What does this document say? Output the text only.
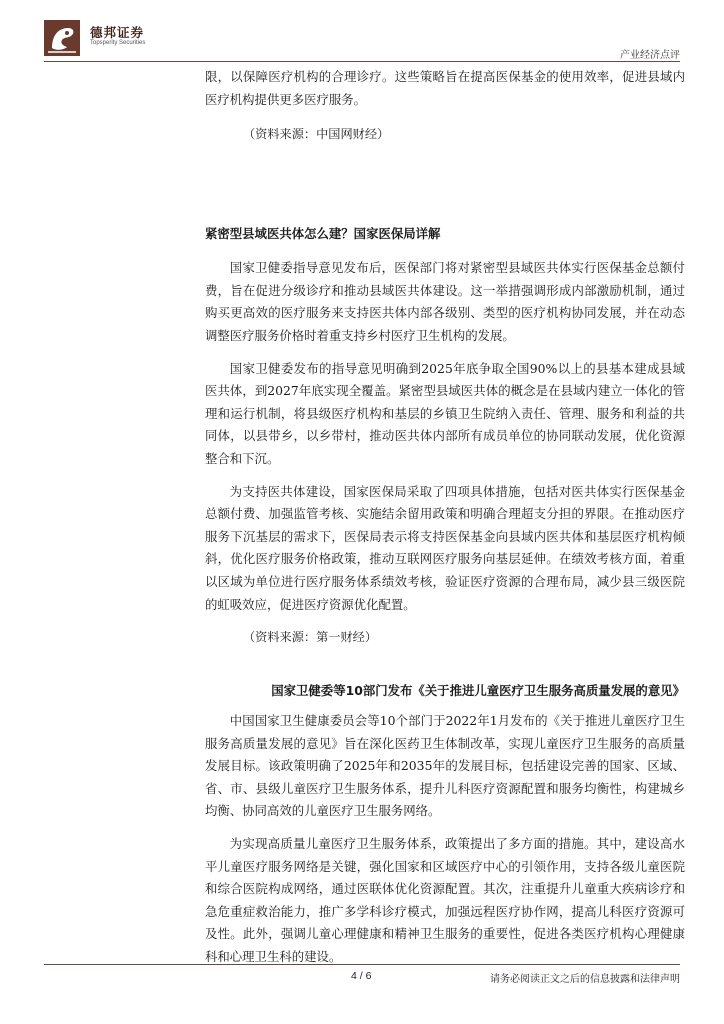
德邦证券
Topsperity Securities
产业经济点评

限，以保障医疗机构的合理诊疗。这些策略旨在提高医保基金的使用效率，促进县域内医疗机构提供更多医疗服务。

（资料来源：中国网财经）
紧密型县域医共体怎么建？国家医保局详解

国家卫健委指导意见发布后，医保部门将对紧密型县域医共体实行医保基金总额付费，旨在促进分级诊疗和推动县域医共体建设。这一举措强调形成内部激励机制，通过购买更高效的医疗服务来支持医共体内部各级别、类型的医疗机构协同发展，并在动态调整医疗服务价格时着重支持乡村医疗卫生机构的发展。

国家卫健委发布的指导意见明确到2025年底争取全国90%以上的县基本建成县域医共体，到2027年底实现全覆盖。紧密型县域医共体的概念是在县域内建立一体化的管理和运行机制，将县级医疗机构和基层的乡镇卫生院纳入责任、管理、服务和利益的共同体，以县带乡，以乡带村，推动医共体内部所有成员单位的协同联动发展，优化资源整合和下沉。

为支持医共体建设，国家医保局采取了四项具体措施，包括对医共体实行医保基金总额付费、加强监管考核、实施结余留用政策和明确合理超支分担的界限。在推动医疗服务下沉基层的需求下，医保局表示将支持医保基金向县域内医共体和基层医疗机构倾斜，优化医疗服务价格政策，推动互联网医疗服务向基层延伸。在绩效考核方面，着重以区域为单位进行医疗服务体系绩效考核，验证医疗资源的合理布局，减少县三级医院的虹吸效应，促进医疗资源优化配置。

（资料来源：第一财经）
国家卫健委等10部门发布《关于推进儿童医疗卫生服务高质量发展的意见》

中国国家卫生健康委员会等10个部门于2022年1月发布的《关于推进儿童医疗卫生服务高质量发展的意见》旨在深化医药卫生体制改革，实现儿童医疗卫生服务的高质量发展目标。该政策明确了2025年和2035年的发展目标，包括建设完善的国家、区域、省、市、县级儿童医疗卫生服务体系，提升儿科医疗资源配置和服务均衡性，构建城乡均衡、协同高效的儿童医疗卫生服务网络。

为实现高质量儿童医疗卫生服务体系，政策提出了多方面的措施。其中，建设高水平儿童医疗服务网络是关键，强化国家和区域医疗中心的引领作用，支持各级儿童医院和综合医院构成网络，通过医联体优化资源配置。其次，注重提升儿童重大疾病诊疗和急危重症救治能力，推广多学科诊疗模式，加强远程医疗协作网，提高儿科医疗资源可及性。此外，强调儿童心理健康和精神卫生服务的重要性，促进各类医疗机构心理健康科和心理卫生科的建设。

4 / 6	请务必阅读正文之后的信息披露和法律声明
